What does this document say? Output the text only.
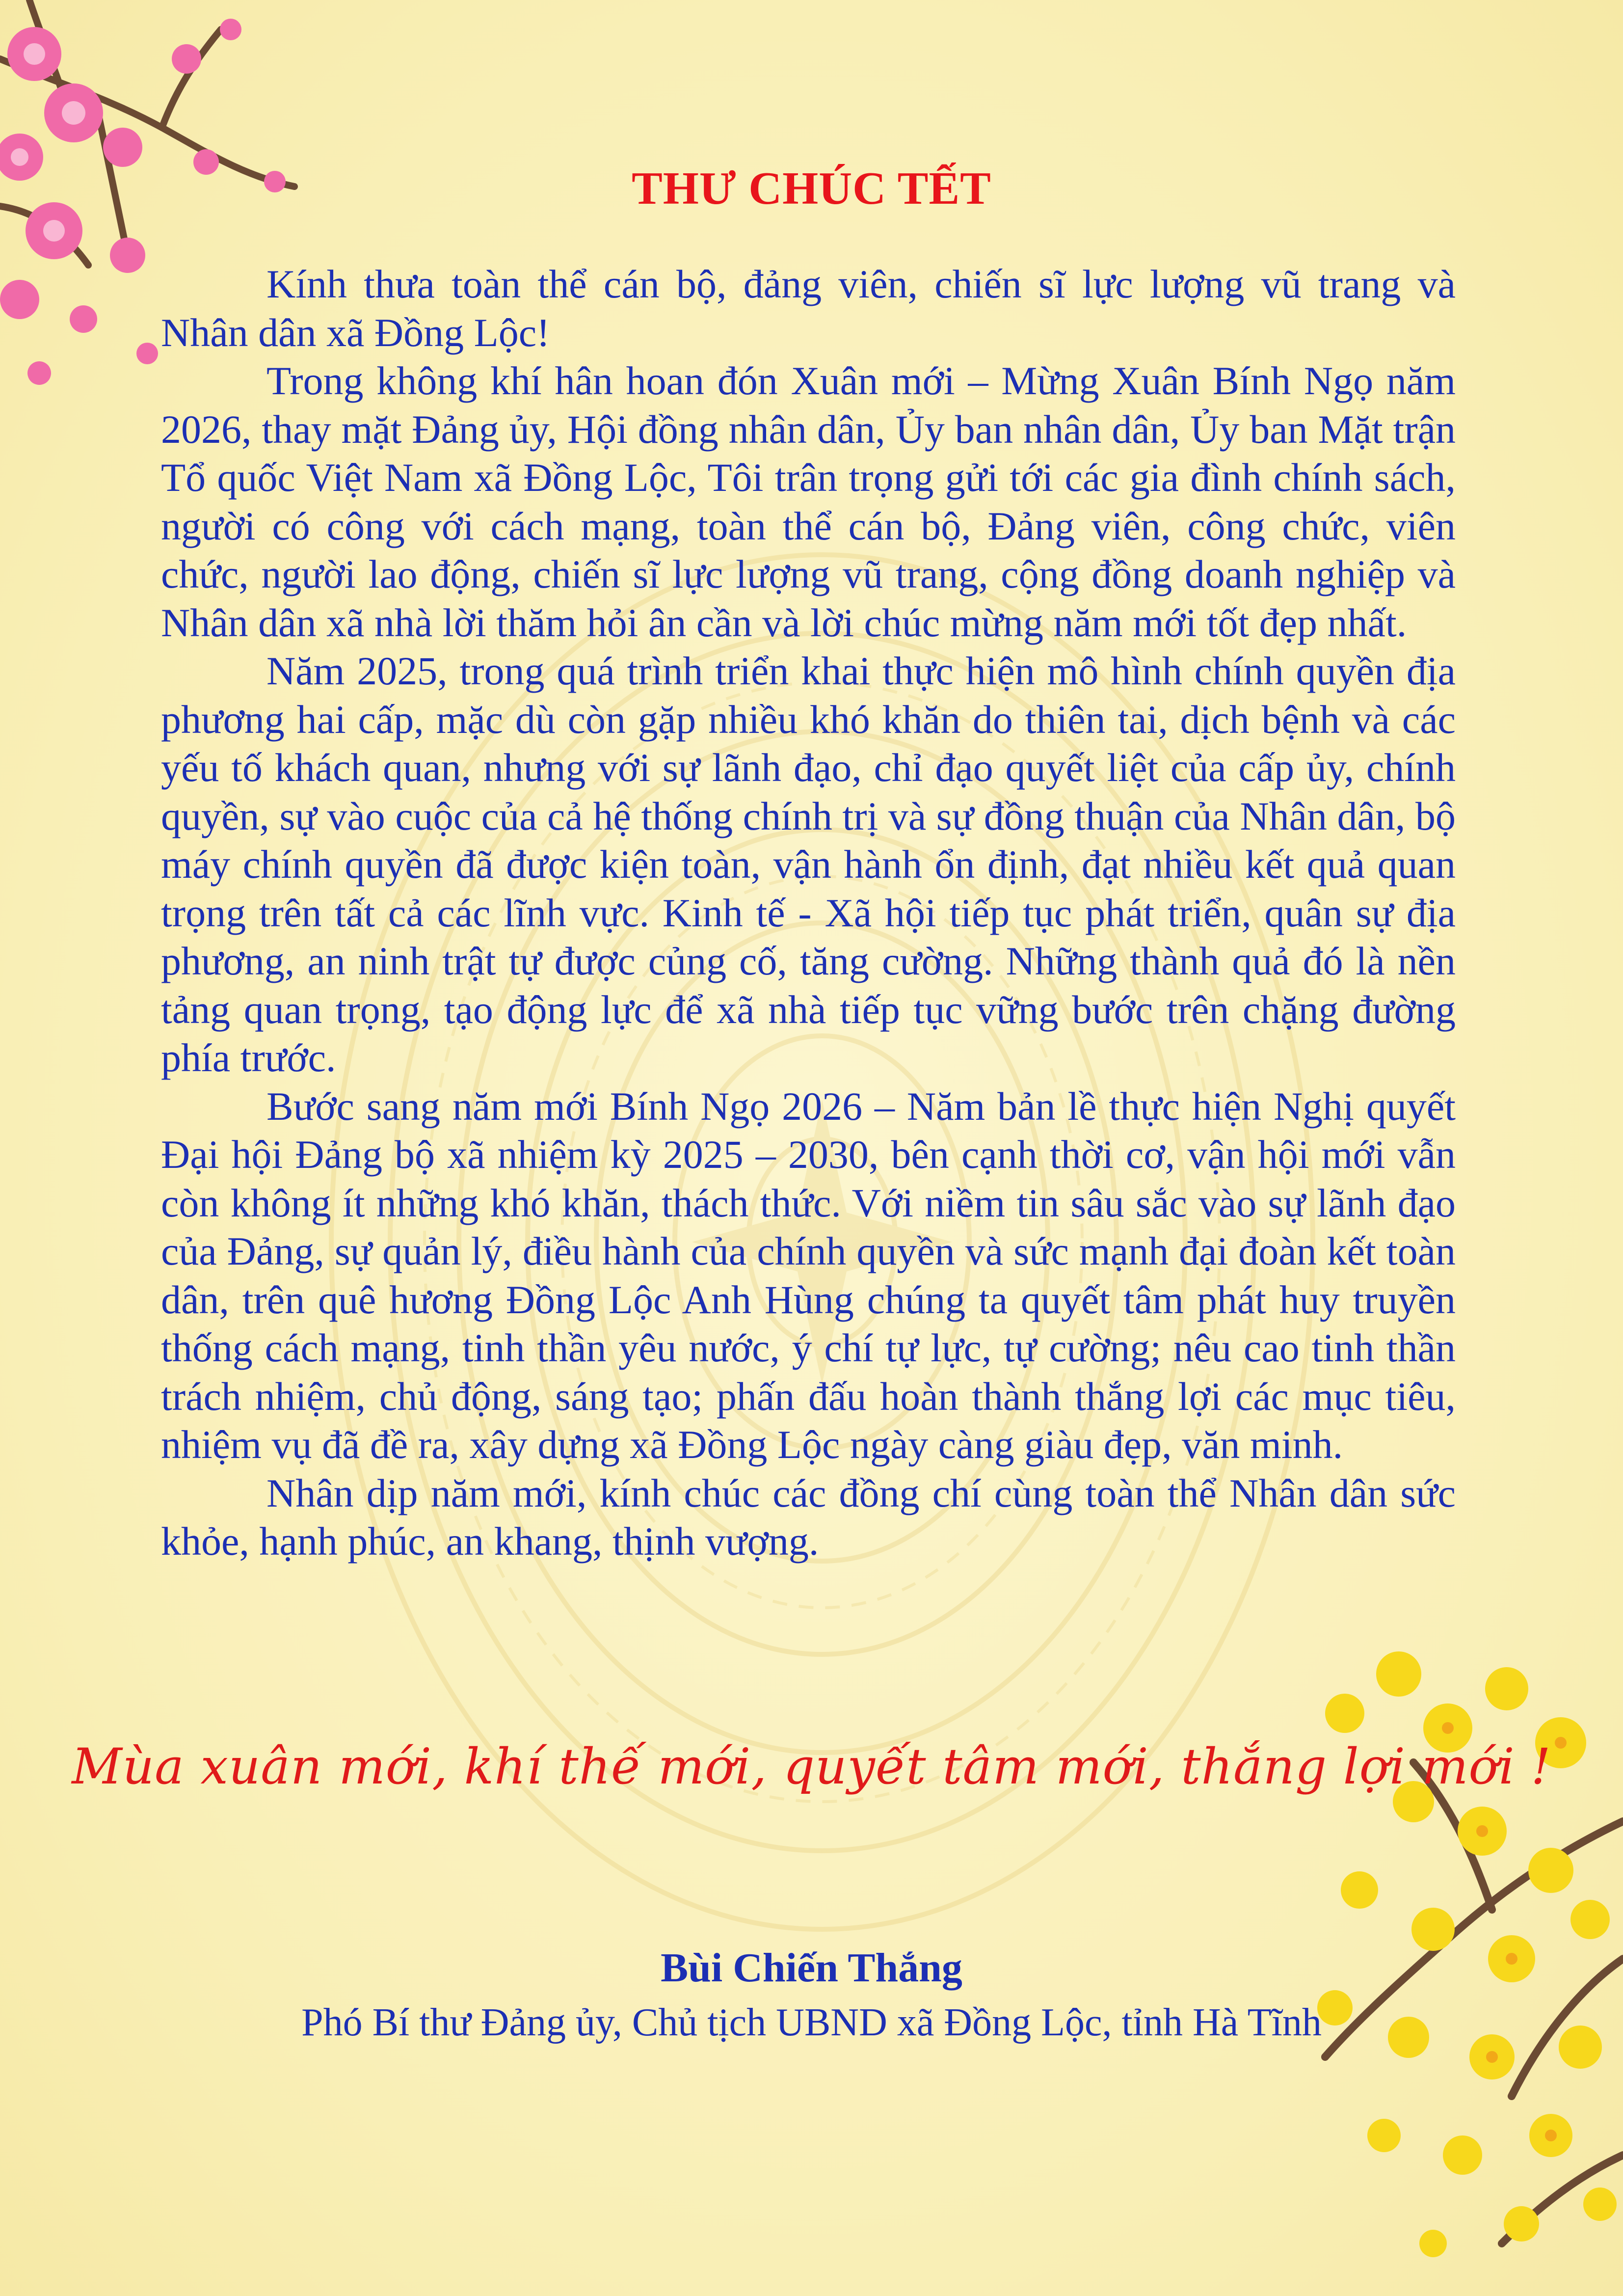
THƯ CHÚC TẾT

Kính thưa toàn thể cán bộ, đảng viên, chiến sĩ lực lượng vũ trang và Nhân dân xã Đồng Lộc!

Trong không khí hân hoan đón Xuân mới – Mừng Xuân Bính Ngọ năm 2026, thay mặt Đảng ủy, Hội đồng nhân dân, Ủy ban nhân dân, Ủy ban Mặt trận Tổ quốc Việt Nam xã Đồng Lộc, Tôi trân trọng gửi tới các gia đình chính sách, người có công với cách mạng, toàn thể cán bộ, Đảng viên, công chức, viên chức, người lao động, chiến sĩ lực lượng vũ trang, cộng đồng doanh nghiệp và Nhân dân xã nhà lời thăm hỏi ân cần và lời chúc mừng năm mới tốt đẹp nhất.

Năm 2025, trong quá trình triển khai thực hiện mô hình chính quyền địa phương hai cấp, mặc dù còn gặp nhiều khó khăn do thiên tai, dịch bệnh và các yếu tố khách quan, nhưng với sự lãnh đạo, chỉ đạo quyết liệt của cấp ủy, chính quyền, sự vào cuộc của cả hệ thống chính trị và sự đồng thuận của Nhân dân, bộ máy chính quyền đã được kiện toàn, vận hành ổn định, đạt nhiều kết quả quan trọng trên tất cả các lĩnh vực. Kinh tế - Xã hội tiếp tục phát triển, quân sự địa phương, an ninh trật tự được củng cố, tăng cường. Những thành quả đó là nền tảng quan trọng, tạo động lực để xã nhà tiếp tục vững bước trên chặng đường phía trước.

Bước sang năm mới Bính Ngọ 2026 – Năm bản lề thực hiện Nghị quyết Đại hội Đảng bộ xã nhiệm kỳ 2025 – 2030, bên cạnh thời cơ, vận hội mới vẫn còn không ít những khó khăn, thách thức. Với niềm tin sâu sắc vào sự lãnh đạo của Đảng, sự quản lý, điều hành của chính quyền và sức mạnh đại đoàn kết toàn dân, trên quê hương Đồng Lộc Anh Hùng chúng ta quyết tâm phát huy truyền thống cách mạng, tinh thần yêu nước, ý chí tự lực, tự cường; nêu cao tinh thần trách nhiệm, chủ động, sáng tạo; phấn đấu hoàn thành thắng lợi các mục tiêu, nhiệm vụ đã đề ra, xây dựng xã Đồng Lộc ngày càng giàu đẹp, văn minh.

Nhân dịp năm mới, kính chúc các đồng chí cùng toàn thể Nhân dân sức khỏe, hạnh phúc, an khang, thịnh vượng.

Mùa xuân mới, khí thế mới, quyết tâm mới, thắng lợi mới !
Bùi Chiến Thắng
Phó Bí thư Đảng ủy, Chủ tịch UBND xã Đồng Lộc, tỉnh Hà Tĩnh
